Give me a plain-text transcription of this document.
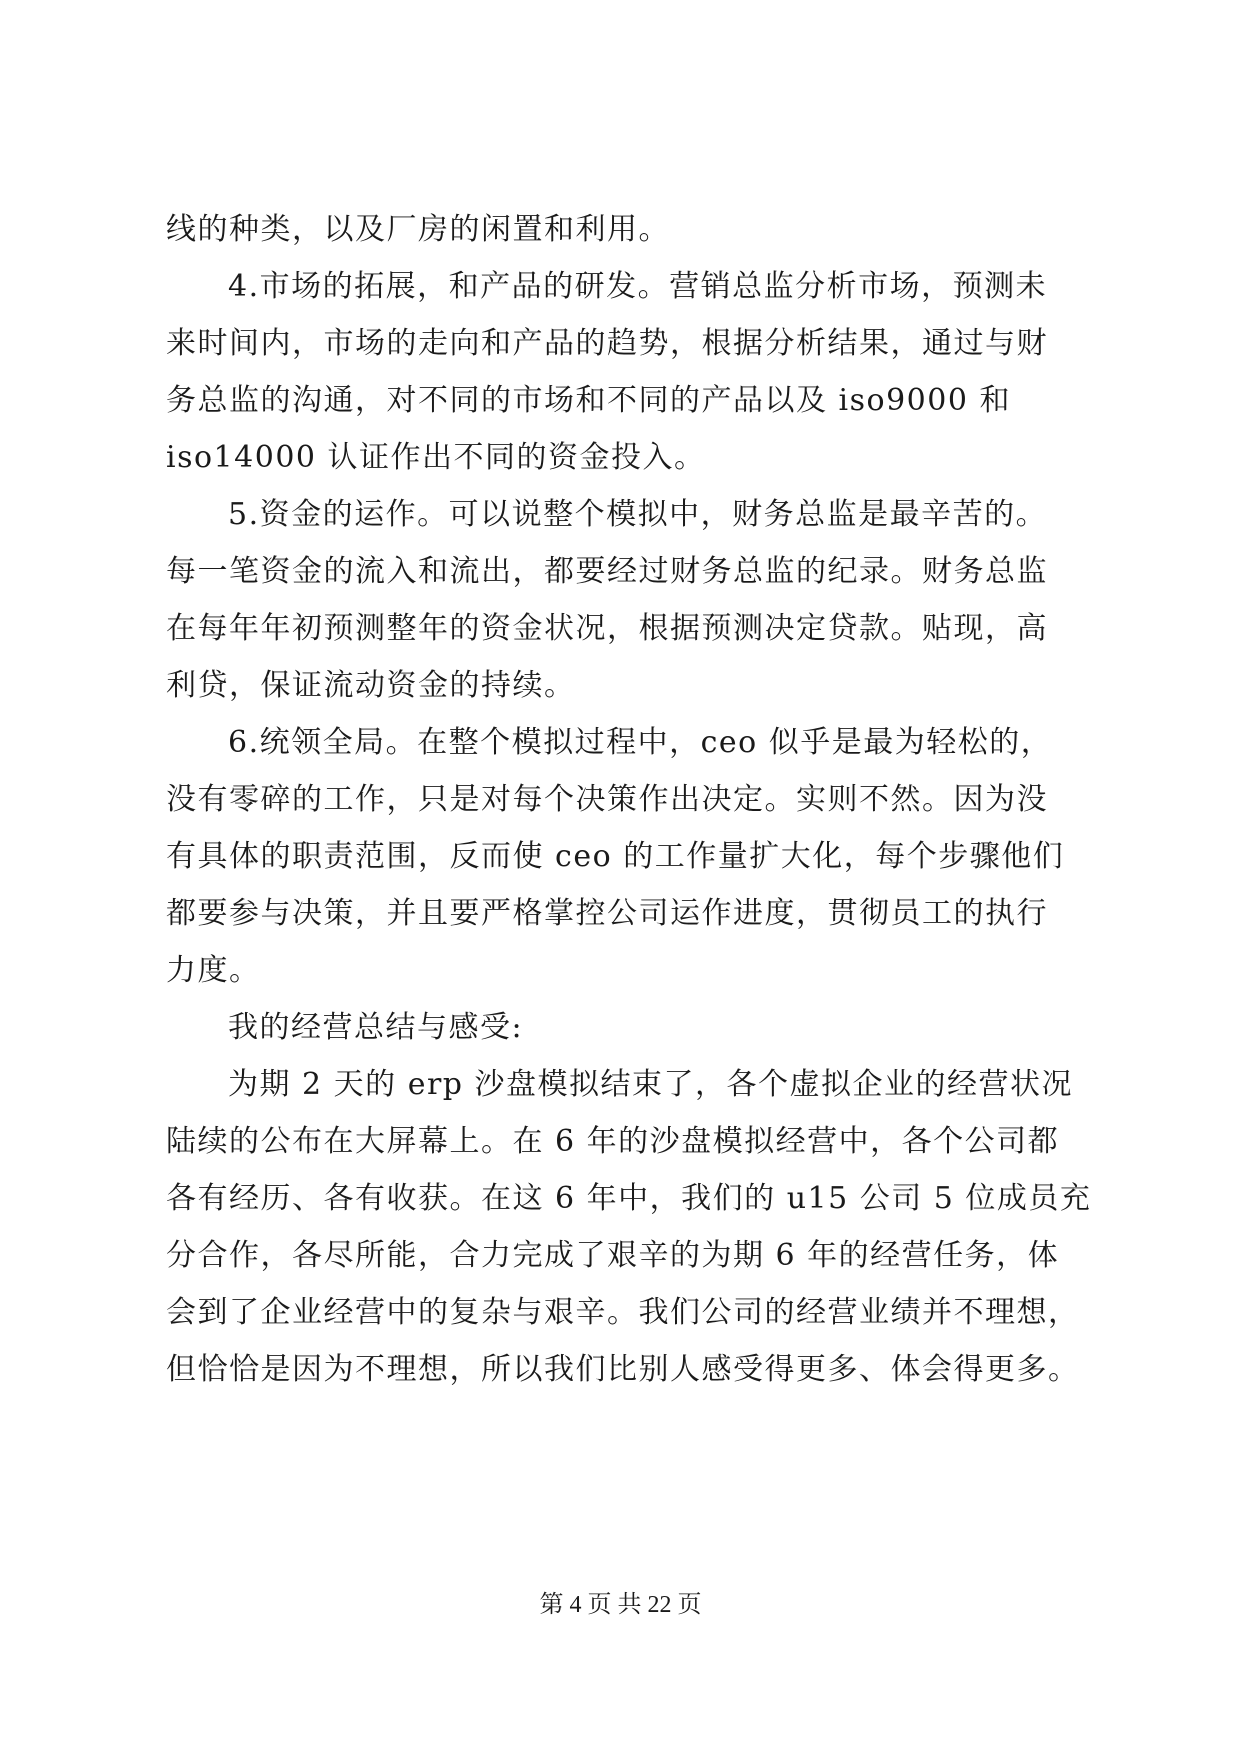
线的种类，以及厂房的闲置和利用。
4.市场的拓展，和产品的研发。营销总监分析市场，预测未
来时间内，市场的走向和产品的趋势，根据分析结果，通过与财
务总监的沟通，对不同的市场和不同的产品以及 iso9000 和
iso14000 认证作出不同的资金投入。
5.资金的运作。可以说整个模拟中，财务总监是最辛苦的。
每一笔资金的流入和流出，都要经过财务总监的纪录。财务总监
在每年年初预测整年的资金状况，根据预测决定贷款。贴现，高
利贷，保证流动资金的持续。
6.统领全局。在整个模拟过程中，ceo 似乎是最为轻松的，
没有零碎的工作，只是对每个决策作出决定。实则不然。因为没
有具体的职责范围，反而使 ceo 的工作量扩大化，每个步骤他们
都要参与决策，并且要严格掌控公司运作进度，贯彻员工的执行
力度。
我的经营总结与感受:
为期 2 天的 erp 沙盘模拟结束了，各个虚拟企业的经营状况
陆续的公布在大屏幕上。在 6 年的沙盘模拟经营中，各个公司都
各有经历、各有收获。在这 6 年中，我们的 u15 公司 5 位成员充
分合作，各尽所能，合力完成了艰辛的为期 6 年的经营任务，体
会到了企业经营中的复杂与艰辛。我们公司的经营业绩并不理想，
但恰恰是因为不理想，所以我们比别人感受得更多、体会得更多。
第 4 页 共 22 页
